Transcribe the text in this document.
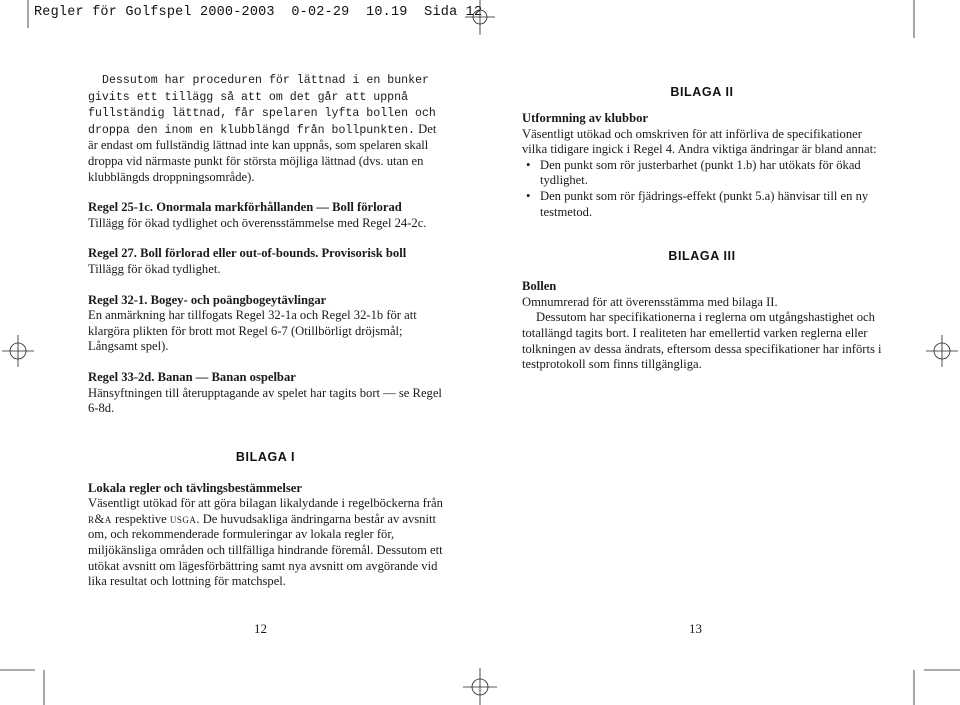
Regler för Golfspel 2000-2003  0-02-29  10.19  Sida 12

Dessutom har proceduren för lättnad i en bunker givits ett tillägg så att om det går att uppnå fullständig lättnad, får spelaren lyfta bollen och droppa den inom en klubblängd från bollpunkten. Det är endast om fullständig lättnad inte kan uppnås, som spelaren skall droppa vid närmaste punkt för största möjliga lättnad (dvs. utan en klubblängds droppningsområde).

Regel 25-1c. Onormala markförhållanden — Boll förlorad

Tillägg för ökad tydlighet och överensstämmelse med Regel 24-2c.

Regel 27. Boll förlorad eller out-of-bounds. Provisorisk boll

Tillägg för ökad tydlighet.

Regel 32-1. Bogey- och poängbogeytävlingar

En anmärkning har tillfogats Regel 32-1a och Regel 32-1b för att klargöra plikten för brott mot Regel 6-7 (Otillbörligt dröjsmål; Långsamt spel).

Regel 33-2d. Banan — Banan ospelbar

Hänsyftningen till återupptagande av spelet har tagits bort — se Regel 6-8d.

BILAGA I

Lokala regler och tävlingsbestämmelser

Väsentligt utökad för att göra bilagan likalydande i regelböckerna från r&a respektive usga. De huvudsakliga ändringarna består av avsnitt om, och rekommenderade formuleringar av lokala regler för, miljökänsliga områden och tillfälliga hindrande föremål. Dessutom ett utökat avsnitt om lägesförbättring samt nya avsnitt om avgörande vid lika resultat och lottning för matchspel.

12
BILAGA II

Utformning av klubbor

Väsentligt utökad och omskriven för att införliva de specifikationer vilka tidigare ingick i Regel 4. Andra viktiga ändringar är bland annat:

• Den punkt som rör justerbarhet (punkt 1.b) har utökats för ökad tydlighet.
• Den punkt som rör fjädrings-effekt (punkt 5.a) hänvisar till en ny testmetod.
BILAGA III

Bollen

Omnumrerad för att överensstämma med bilaga II.

Dessutom har specifikationerna i reglerna om utgångshastighet och totallängd tagits bort. I realiteten har emellertid varken reglerna eller tolkningen av dessa ändrats, eftersom dessa specifikationer har införts i testprotokoll som finns tillgängliga.

13
